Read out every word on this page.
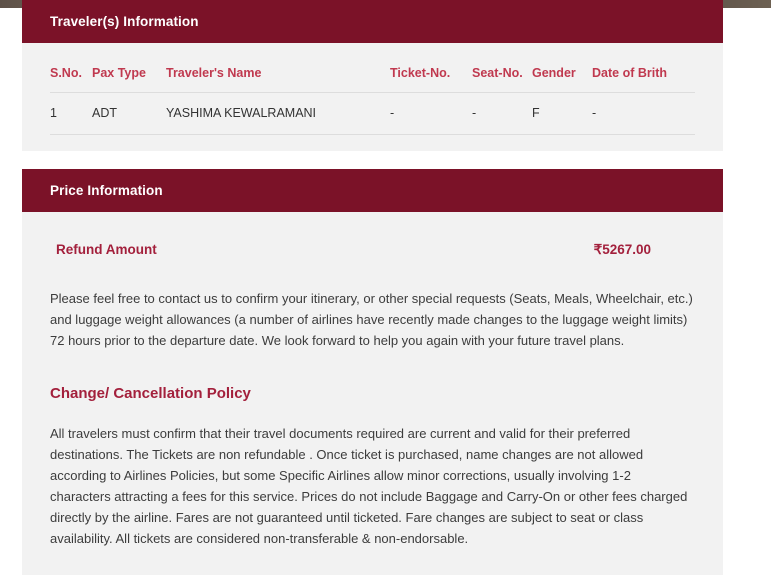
Traveler(s) Information
S.No.	Pax Type	Traveler's Name	Ticket-No.	Seat-No.	Gender	Date of Brith
1	ADT	YASHIMA KEWALRAMANI	-	-	F	-
Price Information
Refund Amount	₹5267.00

Please feel free to contact us to confirm your itinerary, or other special requests (Seats, Meals, Wheelchair, etc.) and luggage weight allowances (a number of airlines have recently made changes to the luggage weight limits) 72 hours prior to the departure date. We look forward to help you again with your future travel plans.

Change/ Cancellation Policy

All travelers must confirm that their travel documents required are current and valid for their preferred destinations. The Tickets are non refundable . Once ticket is purchased, name changes are not allowed according to Airlines Policies, but some Specific Airlines allow minor corrections, usually involving 1-2 characters attracting a fees for this service. Prices do not include Baggage and Carry-On or other fees charged directly by the airline. Fares are not guaranteed until ticketed. Fare changes are subject to seat or class availability. All tickets are considered non-transferable & non-endorsable.
